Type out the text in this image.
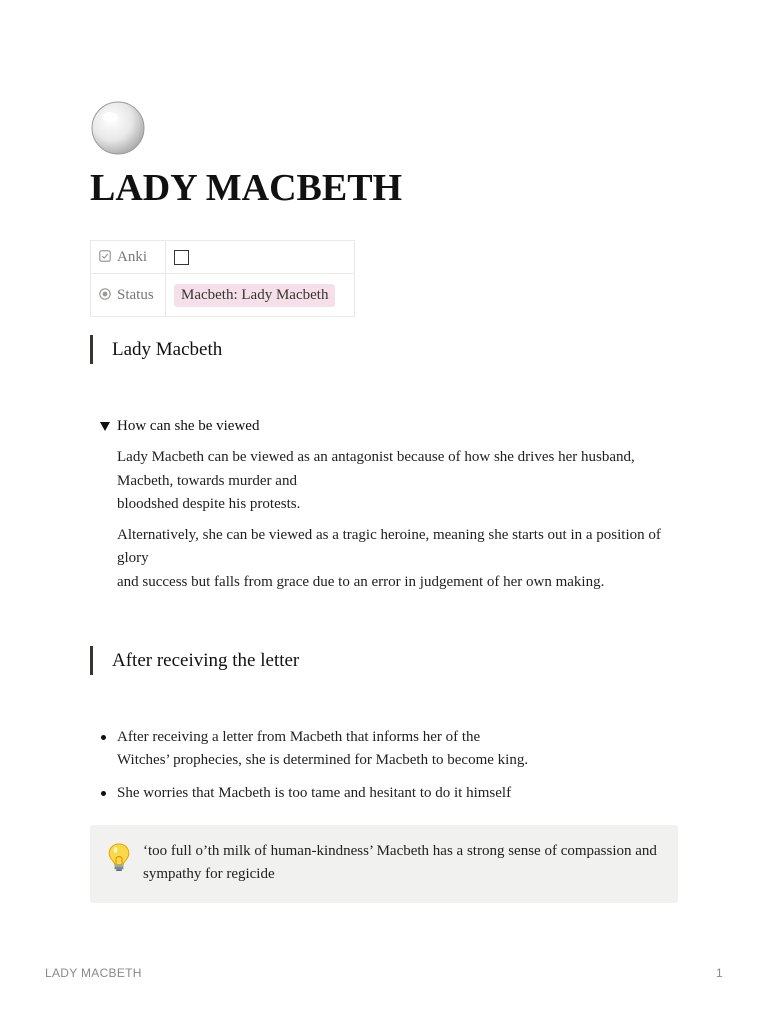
LADY MACBETH
Anki	
Status	Macbeth: Lady Macbeth
Lady Macbeth
How can she be viewed

Lady Macbeth can be viewed as an antagonist because of how she drives her husband, Macbeth, towards murder and
bloodshed despite his protests.

Alternatively, she can be viewed as a tragic heroine, meaning she starts out in a position of glory
and success but falls from grace due to an error in judgement of her own making.

After receiving the letter
After receiving a letter from Macbeth that informs her of the
Witches’ prophecies, she is determined for Macbeth to become king.
She worries that Macbeth is too tame and hesitant to do it himself
‘too full o’th milk of human-kindness’ Macbeth has a strong sense of compassion and sympathy for regicide
LADY MACBETH	1
